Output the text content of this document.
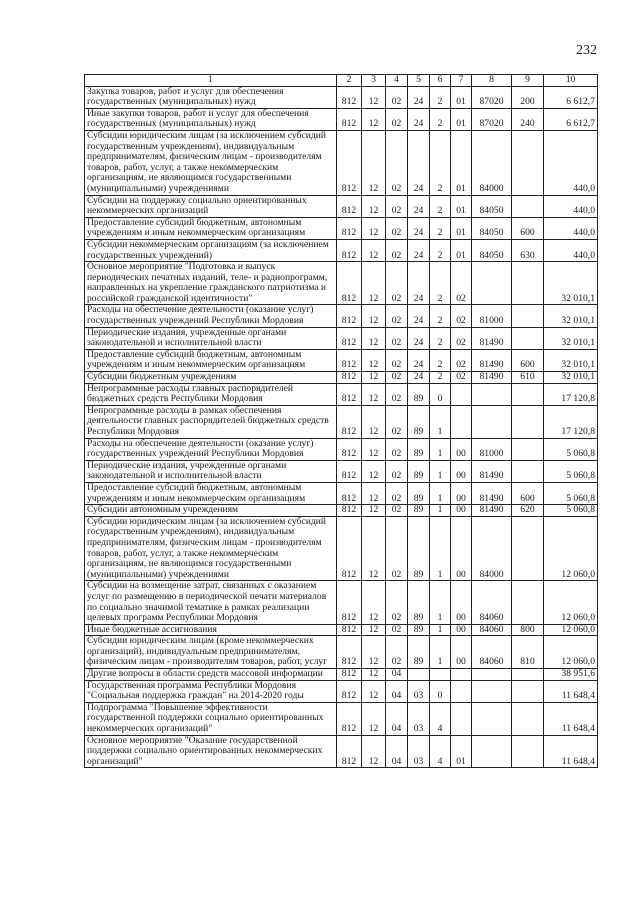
232
1	2	3	4	5	6	7	8	9	10
Закупка товаров, работ и услуг для обеспечения государственных (муниципальных) нужд	812	12	02	24	2	01	87020	200	6 612,7
Иные закупки товаров, работ и услуг для обеспечения государственных (муниципальных) нужд	812	12	02	24	2	01	87020	240	6 612,7
Субсидии юридическим лицам (за исключением субсидий государственным учреждениям), индивидуальным предпринимателям, физическим лицам - производителям товаров, работ, услуг, а также некоммерческим организациям, не являющимся государственными (муниципальными) учреждениями	812	12	02	24	2	01	84000		440,0
Субсидии на поддержку социально ориентированных некоммерческих организаций	812	12	02	24	2	01	84050		440,0
Предоставление субсидий бюджетным, автономным учреждениям и иным некоммерческим организациям	812	12	02	24	2	01	84050	600	440,0
Субсидии некоммерческим организациям (за исключением государственных учреждений)	812	12	02	24	2	01	84050	630	440,0
Основное мероприятие "Подготовка и выпуск периодических печатных изданий, теле- и радиопрограмм, направленных на укрепление гражданского патриотизма и российской гражданской идентичности"	812	12	02	24	2	02			32 010,1
Расходы на обеспечение деятельности (оказание услуг) государственных учреждений Республики Мордовия	812	12	02	24	2	02	81000		32 010,1
Периодические издания, учрежденные органами законодательной и исполнительной власти	812	12	02	24	2	02	81490		32 010,1
Предоставление субсидий бюджетным, автономным учреждениям и иным некоммерческим организациям	812	12	02	24	2	02	81490	600	32 010,1
Субсидии бюджетным учреждениям	812	12	02	24	2	02	81490	610	32 010,1
Непрограммные расходы главных распорядителей бюджетных средств Республики Мордовия	812	12	02	89	0				17 120,8
Непрограммные расходы в рамках обеспечения деятельности главных распорядителей бюджетных средств Республики Мордовия	812	12	02	89	1				17 120,8
Расходы на обеспечение деятельности (оказание услуг) государственных учреждений Республики Мордовия	812	12	02	89	1	00	81000		5 060,8
Периодические издания, учрежденные органами законодательной и исполнительной власти	812	12	02	89	1	00	81490		5 060,8
Предоставление субсидий бюджетным, автономным учреждениям и иным некоммерческим организациям	812	12	02	89	1	00	81490	600	5 060,8
Субсидии автономным учреждениям	812	12	02	89	1	00	81490	620	5 060,8
Субсидии юридическим лицам (за исключением субсидий государственным учреждениям), индивидуальным предпринимателям, физическим лицам - производителям товаров, работ, услуг, а также некоммерческим организациям, не являющимся государственными (муниципальными) учреждениями	812	12	02	89	1	00	84000		12 060,0
Субсидии на возмещение затрат, связанных с оказанием услуг по размещению в периодической печати материалов по социально значимой тематике в рамках реализации целевых программ Республики Мордовия	812	12	02	89	1	00	84060		12 060,0
Иные бюджетные ассигнования	812	12	02	89	1	00	84060	800	12 060,0
Субсидии юридическим лицам (кроме некоммерческих организаций), индивидуальным предпринимателям, физическим лицам - производителям товаров, работ, услуг	812	12	02	89	1	00	84060	810	12 060,0
Другие вопросы в области средств массовой информации	812	12	04						38 951,6
Государственная программа Республики Мордовия "Социальная поддержка граждан" на 2014-2020 годы	812	12	04	03	0				11 648,4
Подпрограмма "Повышение эффективности государственной поддержки социально ориентированных некоммерческих организаций"	812	12	04	03	4				11 648,4
Основное мероприятие "Оказание государственной поддержки социально ориентированных некоммерческих организаций"	812	12	04	03	4	01			11 648,4
